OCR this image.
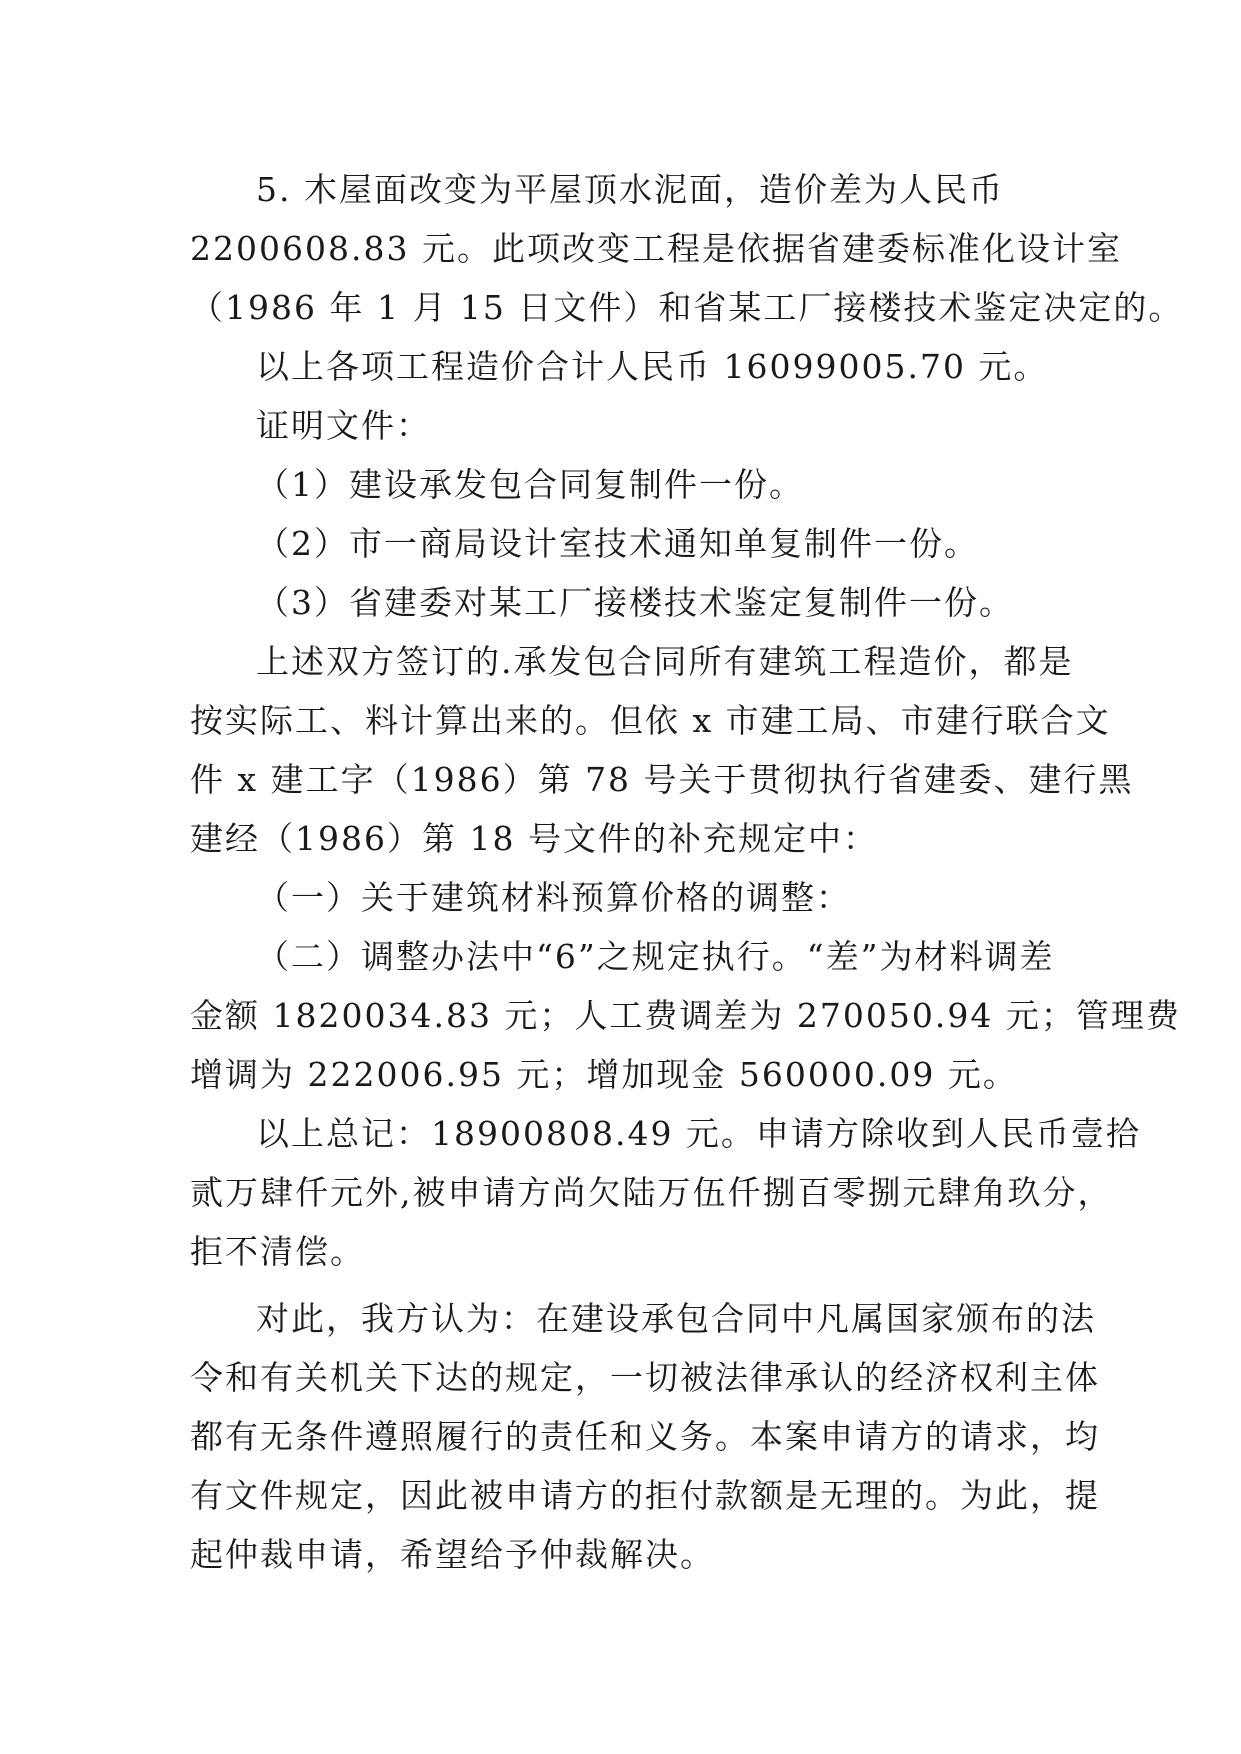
5. 木屋面改变为平屋顶水泥面，造价差为人民币
2200608.83 元。此项改变工程是依据省建委标准化设计室
（1986 年 1 月 15 日文件）和省某工厂接楼技术鉴定决定的。

以上各项工程造价合计人民币 16099005.70 元。

证明文件：

（1）建设承发包合同复制件一份。

（2）市一商局设计室技术通知单复制件一份。

（3）省建委对某工厂接楼技术鉴定复制件一份。

上述双方签订的.承发包合同所有建筑工程造价，都是
按实际工、料计算出来的。但依 x 市建工局、市建行联合文
件 x 建工字（1986）第 78 号关于贯彻执行省建委、建行黑
建经（1986）第 18 号文件的补充规定中：

（一）关于建筑材料预算价格的调整：

（二）调整办法中“6”之规定执行。“差”为材料调差
金额 1820034.83 元；人工费调差为 270050.94 元；管理费
增调为 222006.95 元；增加现金 560000.09 元。

以上总记：18900808.49 元。申请方除收到人民币壹拾
贰万肆仟元外,被申请方尚欠陆万伍仟捌百零捌元肆角玖分，
拒不清偿。

对此，我方认为：在建设承包合同中凡属国家颁布的法
令和有关机关下达的规定，一切被法律承认的经济权利主体
都有无条件遵照履行的责任和义务。本案申请方的请求，均
有文件规定，因此被申请方的拒付款额是无理的。为此，提
起仲裁申请，希望给予仲裁解决。
